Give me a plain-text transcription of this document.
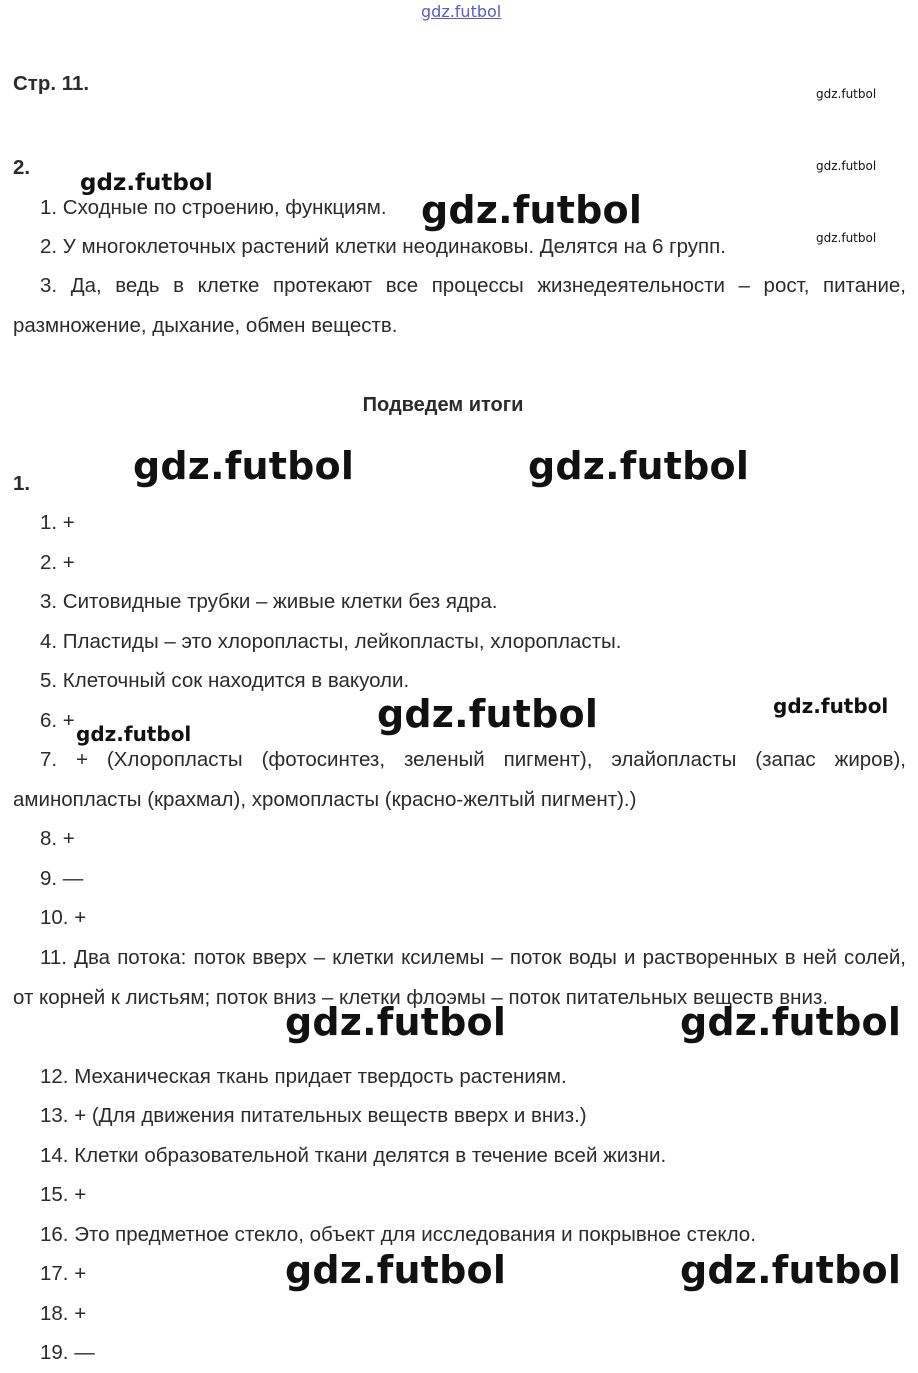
gdz.futbol
Стр. 11.	gdz.futbol
gdz.futbol
gdz.futbol
2.
1. Сходные по строению, функциям.
2. У многоклеточных растений клетки неодинаковы. Делятся на 6 групп.
3. Да, ведь в клетке протекают все процессы жизнедеятельности – рост, питание, размножение, дыхание, обмен веществ.
Подведем итоги
1.
1. +
2. +
3. Ситовидные трубки – живые клетки без ядра.
4. Пластиды – это хлоропласты, лейкопласты, хлоропласты.
5. Клеточный сок находится в вакуоли.
6. +
7. + (Хлоропласты (фотосинтез, зеленый пигмент), элайопласты (запас жиров), аминопласты (крахмал), хромопласты (красно-желтый пигмент).)
8. +
9. —
10. +
11. Два потока: поток вверх – клетки ксилемы – поток воды и растворенных в ней солей, от корней к листьям; поток вниз – клетки флоэмы – поток питательных веществ вниз.
12. Механическая ткань придает твердость растениям.
13. + (Для движения питательных веществ вверх и вниз.)
14. Клетки образовательной ткани делятся в течение всей жизни.
15. +
16. Это предметное стекло, объект для исследования и покрывное стекло.
17. +
18. +
19. —
gdz.futbol
gdz.futbol
gdz.futbol	gdz.futbol
gdz.futbol	gdz.futbol
gdz.futbol
gdz.futbol	gdz.futbol
gdz.futbol	gdz.futbol
